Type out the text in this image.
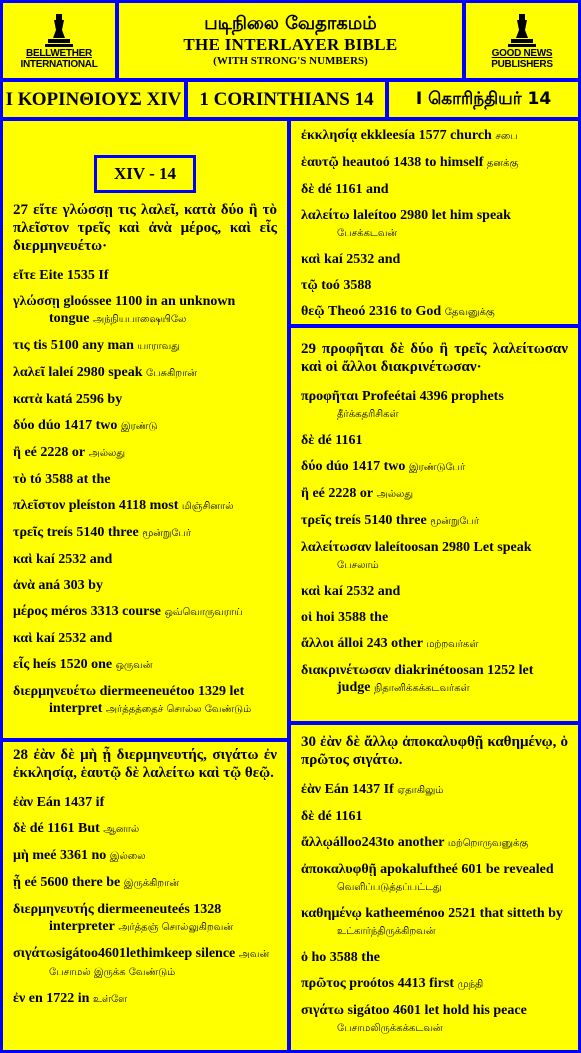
BELLWETHER
INTERNATIONAL
படிநிலை வேதாகமம்
THE INTERLAYER BIBLE
(WITH STRONG'S NUMBERS)
GOOD NEWS
PUBLISHERS
Ι ΚΟΡΙΝΘΙΟΥΣ XIV 1 CORINTHIANS 14	I கொரிந்தியர் 14
XIV - 14
27 εἴτε γλώσσῃ τις λαλεῖ, κατὰ δύο ἢ τὸ πλεῖστον τρεῖς καὶ ἀνὰ μέρος, καὶ εἷς διερμηνευέτω·
εἴτε Eite 1535 If
γλώσσῃ gloóssee 1100 in an unknown tongue அந்நியபாஷையிலே
τις tis 5100 any man யாராவது
λαλεῖ laleí 2980 speak பேசுகிறான்
κατὰ katá 2596 by
δύο dúo 1417 two இரண்டு
ἢ eé 2228 or அல்லது
τὸ tó 3588 at the
πλεῖστον pleíston 4118 most மிஞ்சினால்
τρεῖς treís 5140 three மூன்றுபேர்
καὶ kaí 2532 and
ἀνὰ aná 303 by
μέρος méros 3313 course ஒவ்வொருவராய்
καὶ kaí 2532 and
εἷς heís 1520 one ஒருவன்
διερμηνευέτω diermeeneuétoo 1329 let interpret அர்த்தத்தைச் சொல்ல வேண்டும்
28 ἐὰν δὲ μὴ ᾖ διερμηνευτής, σιγάτω ἐν ἐκκλησίᾳ, ἑαυτῷ δὲ λαλείτω καὶ τῷ θεῷ.
ἐὰν Eán 1437 if
δὲ dé 1161 But ஆனால்
μὴ meé 3361 no இல்லை
ᾖ eé 5600 there be இருக்கிறான்
διερμηνευτής diermeeneuteés 1328 interpreter அர்த்தஞ் சொல்லுகிறவன்
σιγάτωsigátoo4601lethimkeep silence அவன் பேசாமல் இருக்க வேண்டும்
ἐν en 1722 in உள்ளே
ἐκκλησίᾳ ekkleesía 1577 church சபை
ἑαυτῷ heautoó 1438 to himself தனக்கு
δὲ dé 1161 and
λαλείτω laleítoo 2980 let him speak பேசக்கடவன்
καὶ kaí 2532 and
τῷ toó 3588
θεῷ Theoó 2316 to God தேவனுக்கு
29 προφῆται δὲ δύο ἢ τρεῖς λαλείτωσαν καὶ οἱ ἄλλοι διακρινέτωσαν·
προφῆται Profeétai 4396 prophets தீர்க்கதரிசிகள்
δὲ dé 1161
δύο dúo 1417 two இரண்டுபேர்
ἢ eé 2228 or அல்லது
τρεῖς treís 5140 three மூன்றுபேர்
λαλείτωσαν laleítoosan 2980 Let speak பேசலாம்
καὶ kaí 2532 and
οἱ hoi 3588 the
ἄλλοι álloi 243 other மற்றவர்கள்
διακρινέτωσαν diakrinétoosan 1252 let judge நிதானிக்கக்கடவர்கள்
30 ἐὰν δὲ ἄλλῳ ἀποκαλυφθῇ καθημένῳ, ὁ πρῶτος σιγάτω.
ἐὰν Eán 1437 If ஏதாகிலும்
δὲ dé 1161
ἄλλῳálloo243to another மற்றொருவனுக்கு
ἀποκαλυφθῇ apokaluftheé 601 be revealed வெளிப்படுத்தப்பட்டது
καθημένῳ katheeménoo 2521 that sitteth by உட்கார்ந்திருக்கிறவன்
ὁ ho 3588 the
πρῶτος proótos 4413 first முந்தி
σιγάτω sigátoo 4601 let hold his peace பேசாமலிருக்கக்கடவன்
